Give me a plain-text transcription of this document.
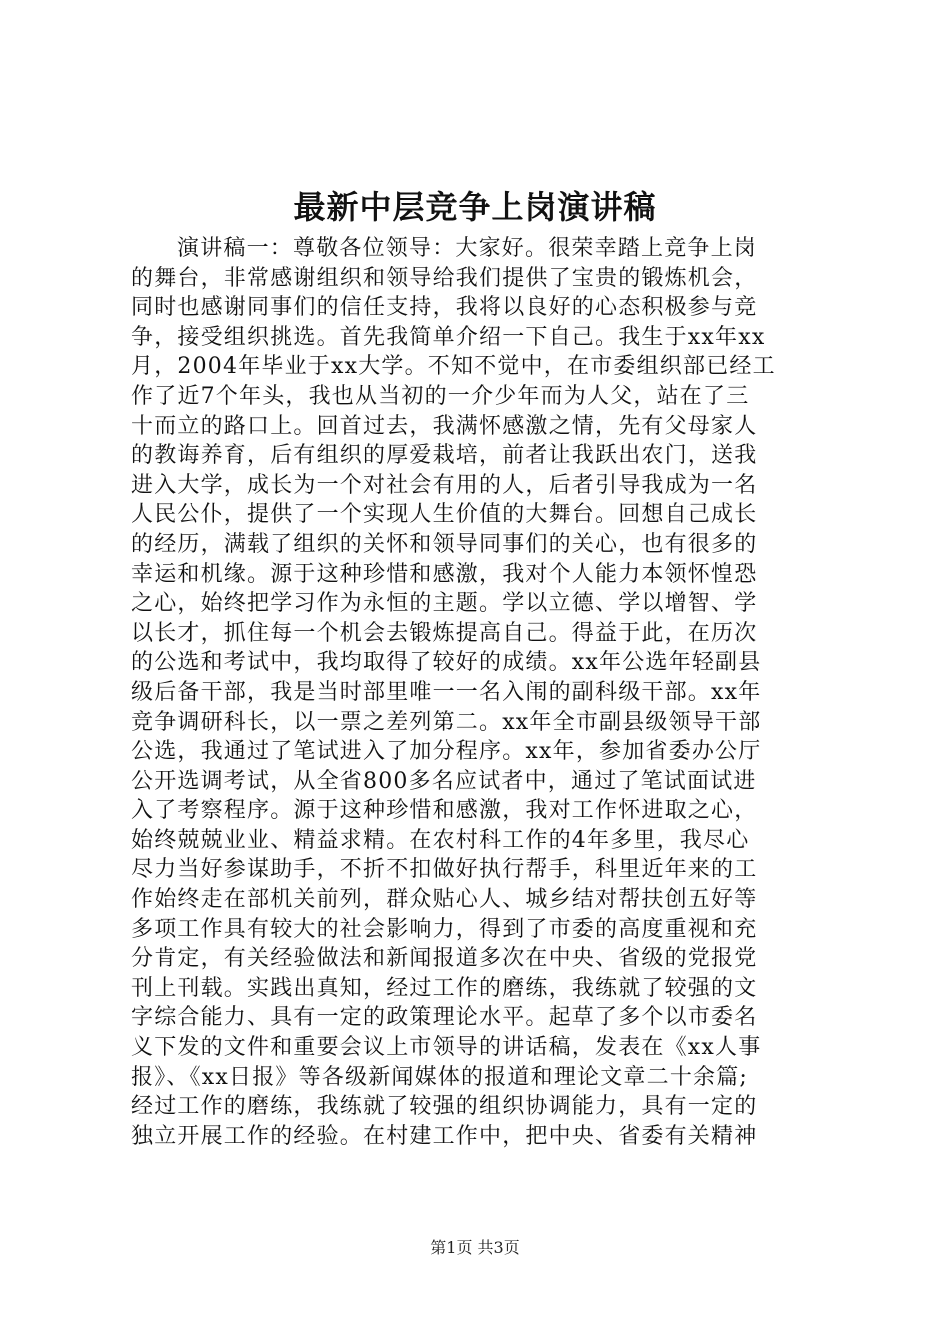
最新中层竞争上岗演讲稿
演讲稿一：尊敬各位领导：大家好。很荣幸踏上竞争上岗
的舞台，非常感谢组织和领导给我们提供了宝贵的锻炼机会，
同时也感谢同事们的信任支持，我将以良好的心态积极参与竞
争，接受组织挑选。首先我简单介绍一下自己。我生于xx年xx
月，2004年毕业于xx大学。不知不觉中，在市委组织部已经工
作了近7个年头，我也从当初的一介少年而为人父，站在了三
十而立的路口上。回首过去，我满怀感激之情，先有父母家人
的教诲养育，后有组织的厚爱栽培，前者让我跃出农门，送我
进入大学，成长为一个对社会有用的人，后者引导我成为一名
人民公仆，提供了一个实现人生价值的大舞台。回想自己成长
的经历，满载了组织的关怀和领导同事们的关心，也有很多的
幸运和机缘。源于这种珍惜和感激，我对个人能力本领怀惶恐
之心，始终把学习作为永恒的主题。学以立德、学以增智、学
以长才，抓住每一个机会去锻炼提高自己。得益于此，在历次
的公选和考试中，我均取得了较好的成绩。xx年公选年轻副县
级后备干部，我是当时部里唯一一名入闱的副科级干部。xx年
竞争调研科长，以一票之差列第二。xx年全市副县级领导干部
公选，我通过了笔试进入了加分程序。xx年，参加省委办公厅
公开选调考试，从全省800多名应试者中，通过了笔试面试进
入了考察程序。源于这种珍惜和感激，我对工作怀进取之心，
始终兢兢业业、精益求精。在农村科工作的4年多里，我尽心
尽力当好参谋助手，不折不扣做好执行帮手，科里近年来的工
作始终走在部机关前列，群众贴心人、城乡结对帮扶创五好等
多项工作具有较大的社会影响力，得到了市委的高度重视和充
分肯定，有关经验做法和新闻报道多次在中央、省级的党报党
刊上刊载。实践出真知，经过工作的磨练，我练就了较强的文
字综合能力、具有一定的政策理论水平。起草了多个以市委名
义下发的文件和重要会议上市领导的讲话稿，发表在《xx人事
报》、《xx日报》等各级新闻媒体的报道和理论文章二十余篇;
经过工作的磨练，我练就了较强的组织协调能力，具有一定的
独立开展工作的经验。在村建工作中，把中央、省委有关精神
第1页 共3页
